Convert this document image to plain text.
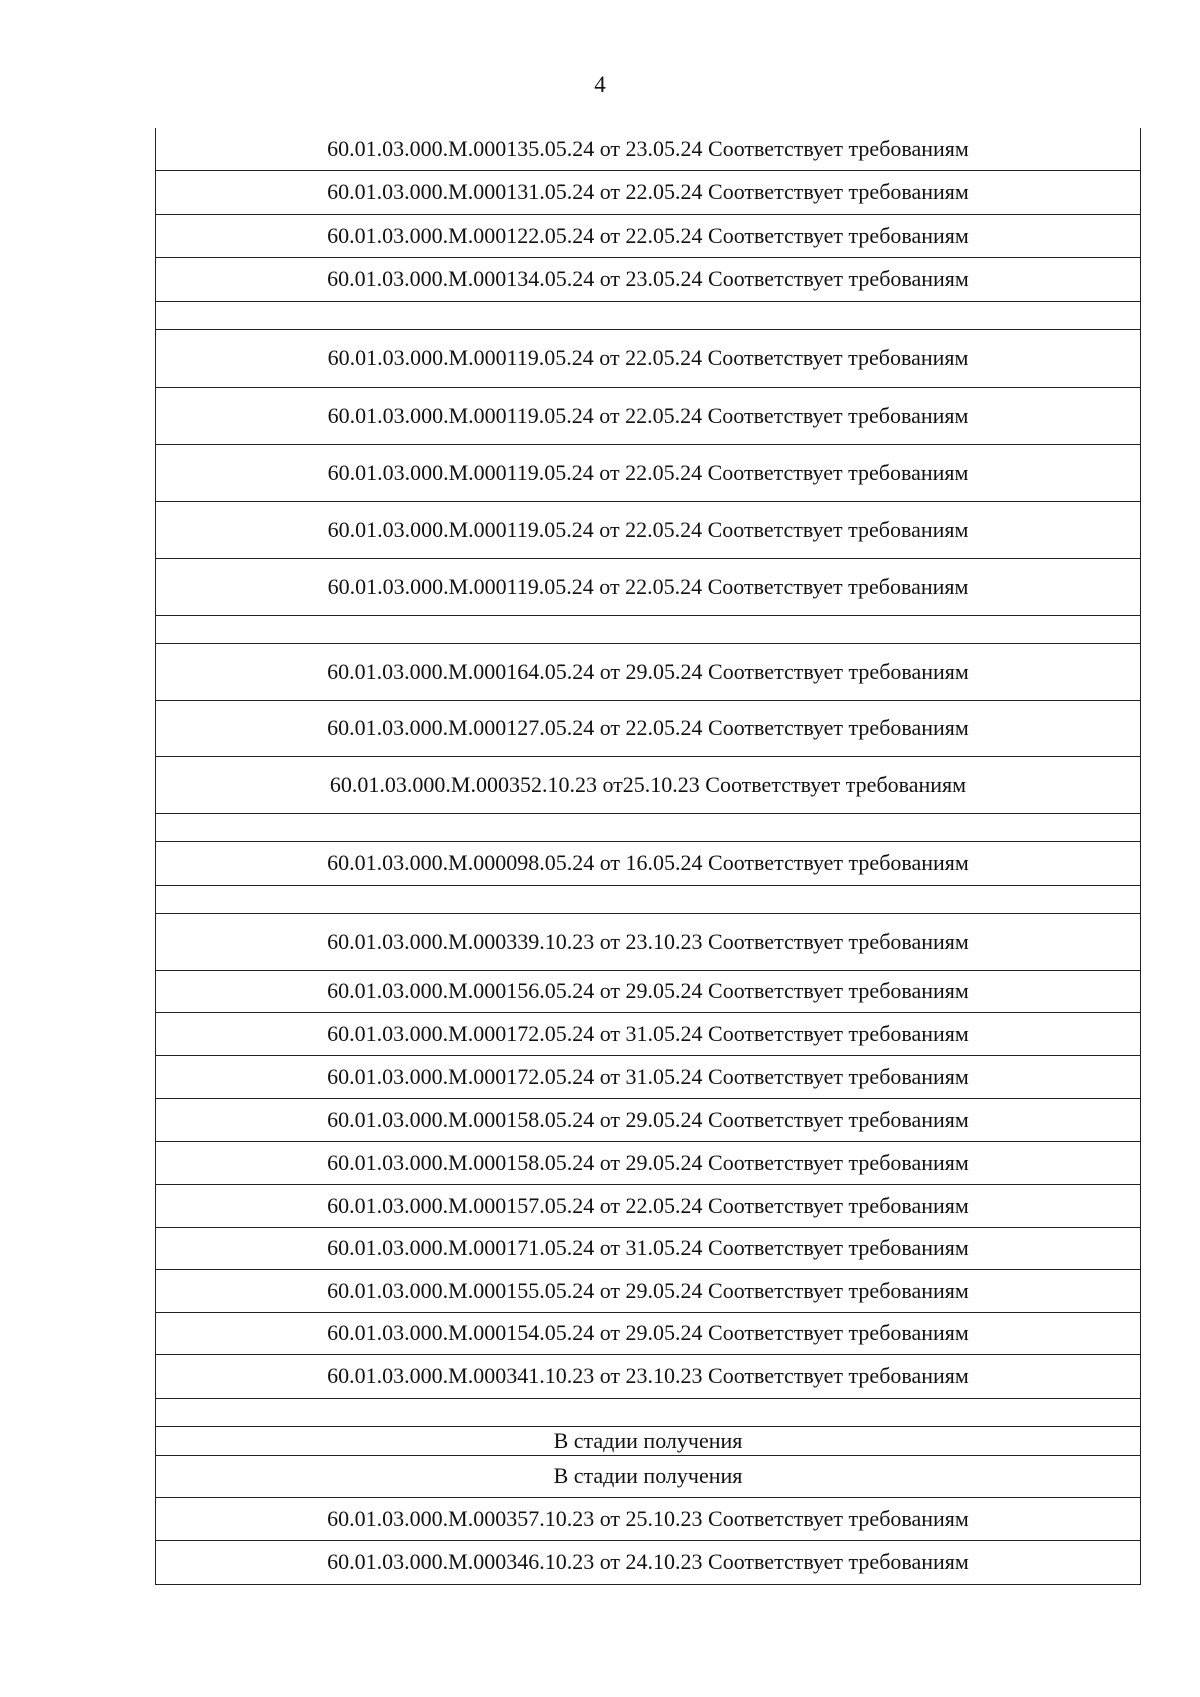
4
60.01.03.000.М.000135.05.24 от 23.05.24 Соответствует требованиям
60.01.03.000.М.000131.05.24 от 22.05.24 Соответствует требованиям
60.01.03.000.М.000122.05.24 от 22.05.24 Соответствует требованиям
60.01.03.000.М.000134.05.24 от 23.05.24 Соответствует требованиям

60.01.03.000.М.000119.05.24 от 22.05.24 Соответствует требованиям
60.01.03.000.М.000119.05.24 от 22.05.24 Соответствует требованиям
60.01.03.000.М.000119.05.24 от 22.05.24 Соответствует требованиям
60.01.03.000.М.000119.05.24 от 22.05.24 Соответствует требованиям
60.01.03.000.М.000119.05.24 от 22.05.24 Соответствует требованиям

60.01.03.000.М.000164.05.24 от 29.05.24 Соответствует требованиям
60.01.03.000.М.000127.05.24 от 22.05.24 Соответствует требованиям
60.01.03.000.М.000352.10.23 от25.10.23 Соответствует требованиям

60.01.03.000.М.000098.05.24 от 16.05.24 Соответствует требованиям

60.01.03.000.М.000339.10.23 от 23.10.23 Соответствует требованиям
60.01.03.000.М.000156.05.24 от 29.05.24 Соответствует требованиям
60.01.03.000.М.000172.05.24 от 31.05.24 Соответствует требованиям
60.01.03.000.М.000172.05.24 от 31.05.24 Соответствует требованиям
60.01.03.000.М.000158.05.24 от 29.05.24 Соответствует требованиям
60.01.03.000.М.000158.05.24 от 29.05.24 Соответствует требованиям
60.01.03.000.М.000157.05.24 от 22.05.24 Соответствует требованиям
60.01.03.000.М.000171.05.24 от 31.05.24 Соответствует требованиям
60.01.03.000.М.000155.05.24 от 29.05.24 Соответствует требованиям
60.01.03.000.М.000154.05.24 от 29.05.24 Соответствует требованиям
60.01.03.000.М.000341.10.23 от 23.10.23 Соответствует требованиям

В стадии получения
В стадии получения
60.01.03.000.М.000357.10.23 от 25.10.23 Соответствует требованиям
60.01.03.000.М.000346.10.23 от 24.10.23 Соответствует требованиям
